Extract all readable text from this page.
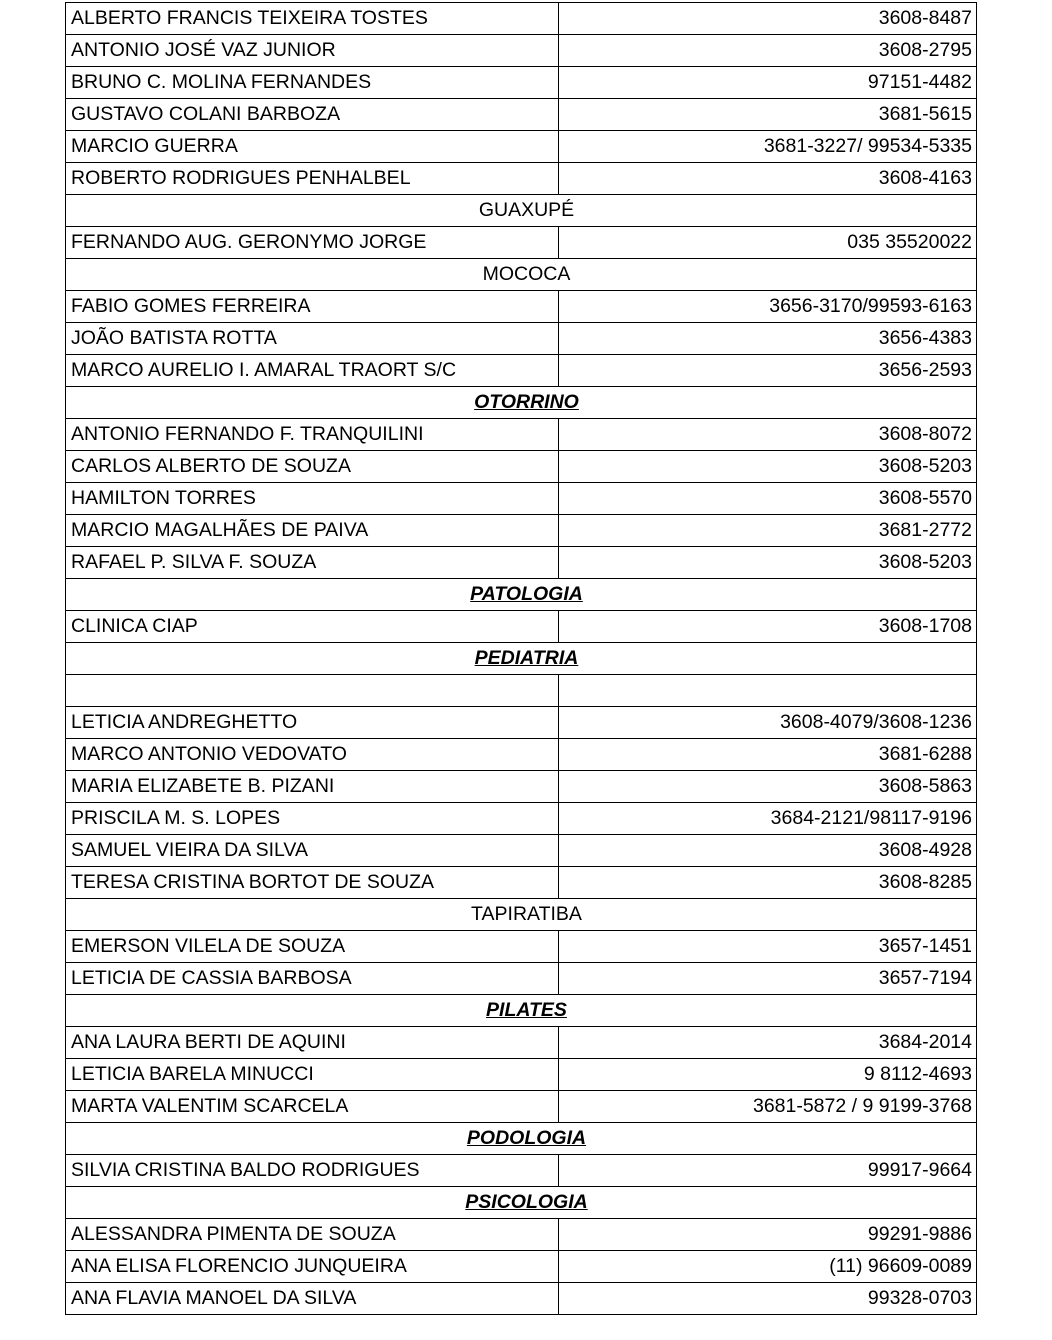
ALBERTO FRANCIS TEIXEIRA TOSTES	3608-8487	
ANTONIO JOSÉ VAZ JUNIOR	3608-2795	
BRUNO C. MOLINA FERNANDES	97151-4482	
GUSTAVO COLANI BARBOZA	3681-5615	
MARCIO GUERRA	3681-3227/ 99534-5335	
ROBERTO RODRIGUES PENHALBEL	3608-4163	

GUAXUPÉ		

FERNANDO AUG. GERONYMO JORGE	035 35520022	

MOCOCA		

FABIO GOMES FERREIRA	3656-3170/99593-6163	
JOÃO BATISTA ROTTA	3656-4383	
MARCO AURELIO I. AMARAL TRAORT S/C	3656-2593	

OTORRINO		

ANTONIO FERNANDO F. TRANQUILINI	3608-8072	
CARLOS ALBERTO DE SOUZA	3608-5203	
HAMILTON TORRES	3608-5570	
MARCIO MAGALHÃES DE PAIVA	3681-2772	
RAFAEL P. SILVA F. SOUZA	3608-5203	

PATOLOGIA		

CLINICA CIAP	3608-1708	

PEDIATRIA		

LETICIA ANDREGHETTO	3608-4079/3608-1236	
MARCO ANTONIO VEDOVATO	3681-6288	
MARIA ELIZABETE B. PIZANI	3608-5863	
PRISCILA M. S. LOPES	3684-2121/98117-9196	
SAMUEL VIEIRA DA SILVA	3608-4928	
TERESA CRISTINA BORTOT DE SOUZA	3608-8285	

TAPIRATIBA		

EMERSON VILELA DE SOUZA	3657-1451	
LETICIA DE CASSIA BARBOSA	3657-7194	

PILATES		

ANA LAURA BERTI DE AQUINI	3684-2014	
LETICIA BARELA MINUCCI	9 8112-4693	
MARTA VALENTIM SCARCELA	3681-5872 / 9 9199-3768	

PODOLOGIA		

SILVIA CRISTINA BALDO RODRIGUES	99917-9664	

PSICOLOGIA		

ALESSANDRA PIMENTA DE SOUZA	99291-9886	
ANA ELISA FLORENCIO JUNQUEIRA	(11) 96609-0089	
ANA FLAVIA MANOEL DA SILVA	99328-0703	
